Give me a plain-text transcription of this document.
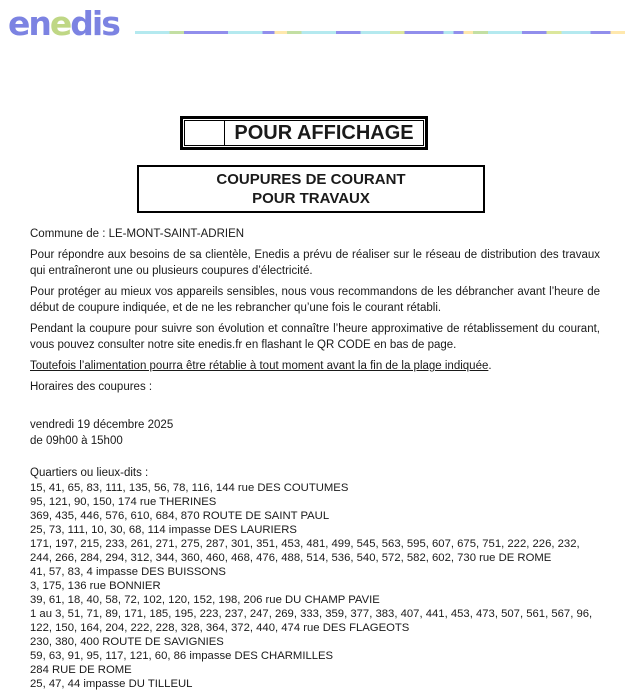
enedis
POUR AFFICHAGE
COUPURES DE COURANT
POUR TRAVAUX
Commune de : LE-MONT-SAINT-ADRIEN

Pour répondre aux besoins de sa clientèle, Enedis a prévu de réaliser sur le réseau de distribution des travaux qui entraîneront une ou plusieurs coupures d’électricité.

Pour protéger au mieux vos appareils sensibles, nous vous recommandons de les débrancher avant l’heure de début de coupure indiquée, et de ne les rebrancher qu’une fois le courant rétabli.

Pendant la coupure pour suivre son évolution et connaître l’heure approximative de rétablissement du courant, vous pouvez consulter notre site enedis.fr en flashant le QR CODE en bas de page.

Toutefois l’alimentation pourra être rétablie à tout moment avant la fin de la plage indiquée.
Horaires des coupures :
vendredi 19 décembre 2025
de 09h00 à 15h00
Quartiers ou lieux-dits :
15, 41, 65, 83, 111, 135, 56, 78, 116, 144 rue DES COUTUMES
95, 121, 90, 150, 174 rue THERINES
369, 435, 446, 576, 610, 684, 870 ROUTE DE SAINT PAUL
25, 73, 111, 10, 30, 68, 114 impasse DES LAURIERS
171, 197, 215, 233, 261, 271, 275, 287, 301, 351, 453, 481, 499, 545, 563, 595, 607, 675, 751, 222, 226, 232, 244, 266, 284, 294, 312, 344, 360, 460, 468, 476, 488, 514, 536, 540, 572, 582, 602, 730 rue DE ROME
41, 57, 83, 4 impasse DES BUISSONS
3, 175, 136 rue BONNIER
39, 61, 18, 40, 58, 72, 102, 120, 152, 198, 206 rue DU CHAMP PAVIE
1 au 3, 51, 71, 89, 171, 185, 195, 223, 237, 247, 269, 333, 359, 377, 383, 407, 441, 453, 473, 507, 561, 567, 96, 122, 150, 164, 204, 222, 228, 328, 364, 372, 440, 474 rue DES FLAGEOTS
230, 380, 400 ROUTE DE SAVIGNIES
59, 63, 91, 95, 117, 121, 60, 86 impasse DES CHARMILLES
284 RUE DE ROME
25, 47, 44 impasse DU TILLEUL
